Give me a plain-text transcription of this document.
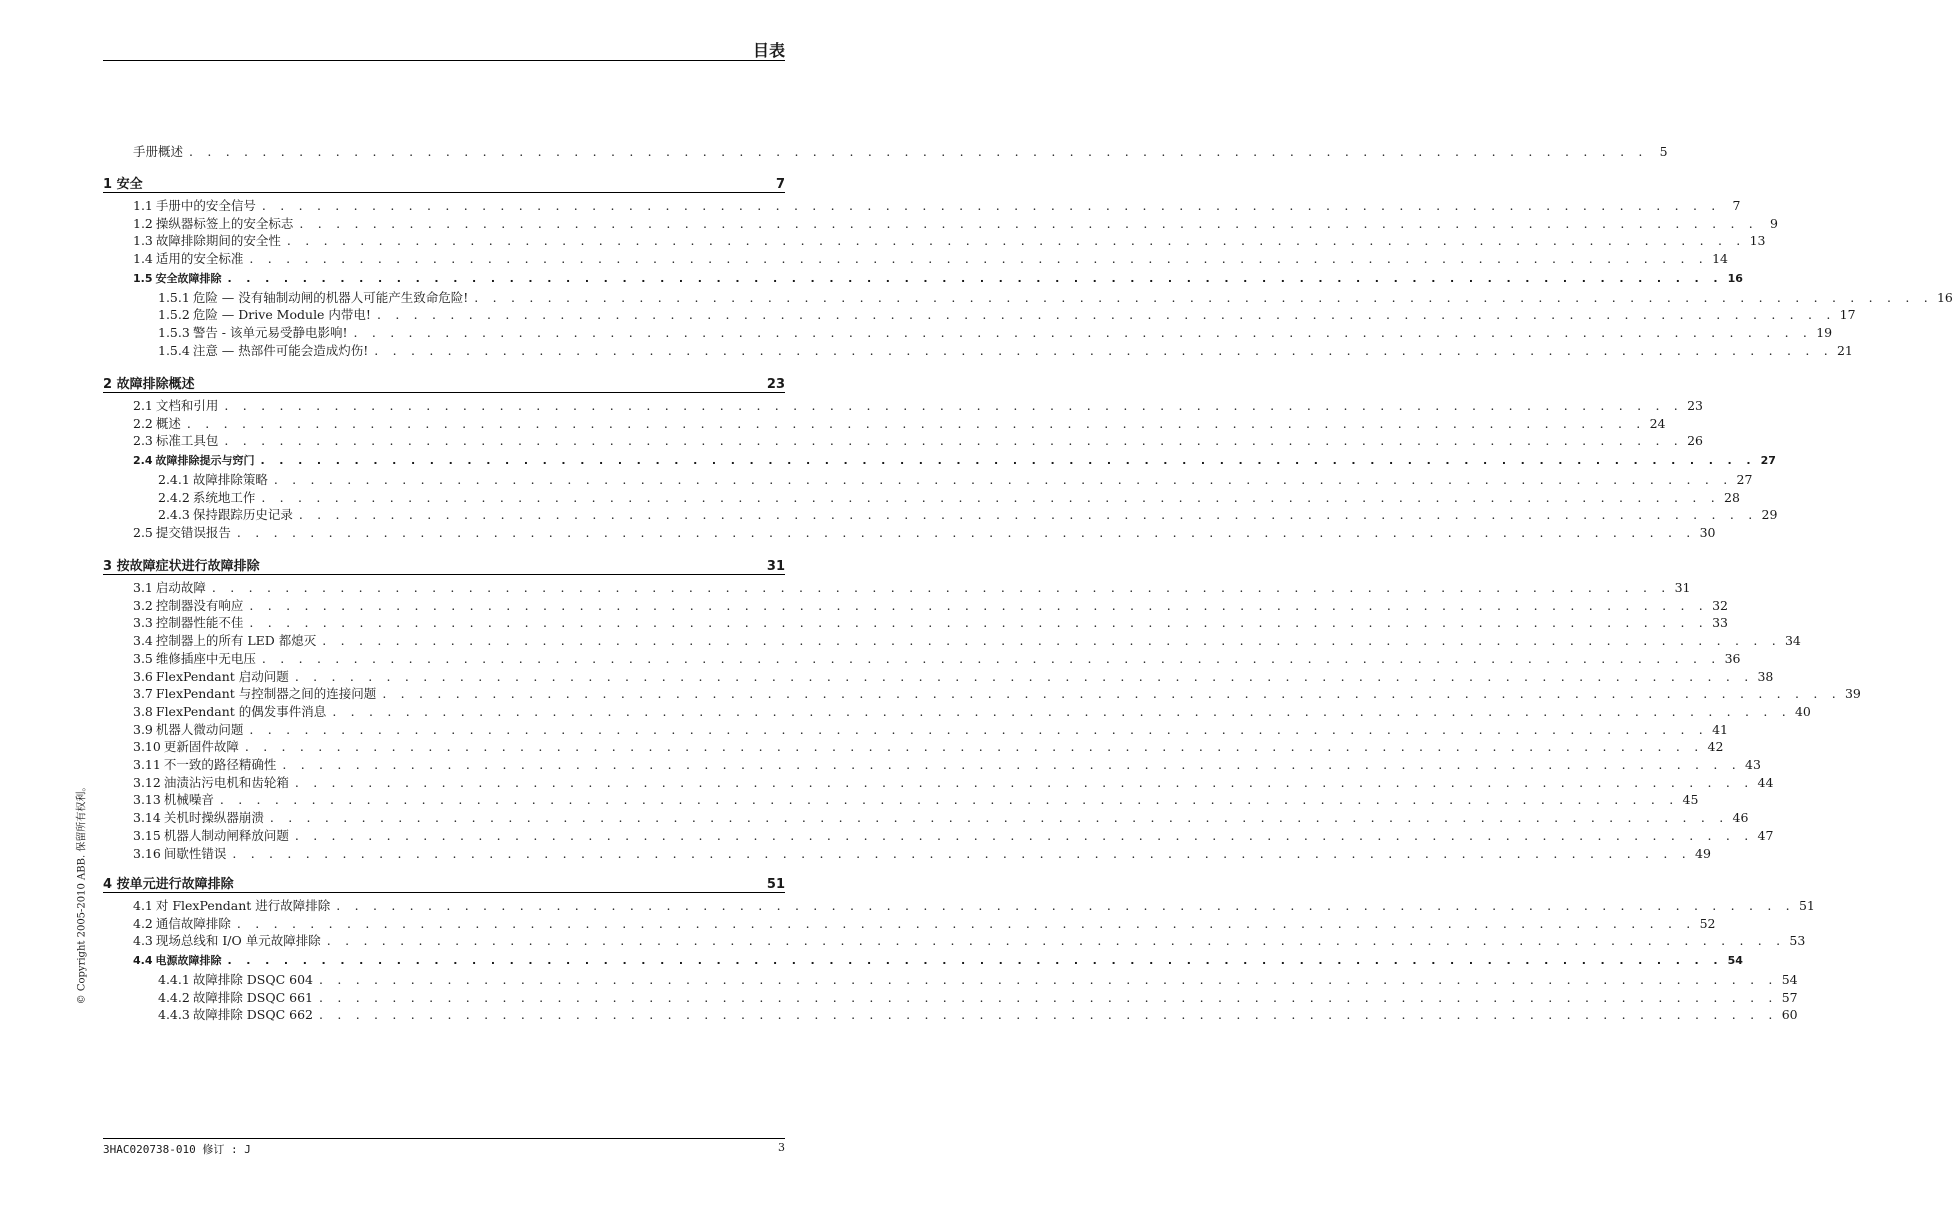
目表
手册概述 . . . . . . . . . . . . . . . . . . . . . . . . . . . . . . . . . . . . . . . . . . . . . . . . . . . . . . . . . . . . . . . . . . . . . . . . . . . . . . . . 5
1 安全	7
1.1 手册中的安全信号 . . . . . . . . . . . . . . . . . . . . . . . . . . . . . . . . . . . . . . . . . . . . . . . . . . . . . . . . . . . . . . . . . . . . . . . . . . . . . . . . 7
1.2 操纵器标签上的安全标志 . . . . . . . . . . . . . . . . . . . . . . . . . . . . . . . . . . . . . . . . . . . . . . . . . . . . . . . . . . . . . . . . . . . . . . . . . . . . . . . . 9
1.3 故障排除期间的安全性 . . . . . . . . . . . . . . . . . . . . . . . . . . . . . . . . . . . . . . . . . . . . . . . . . . . . . . . . . . . . . . . . . . . . . . . . . . . . . . . . 13
1.4 适用的安全标准 . . . . . . . . . . . . . . . . . . . . . . . . . . . . . . . . . . . . . . . . . . . . . . . . . . . . . . . . . . . . . . . . . . . . . . . . . . . . . . . . 14
1.5 安全故障排除 . . . . . . . . . . . . . . . . . . . . . . . . . . . . . . . . . . . . . . . . . . . . . . . . . . . . . . . . . . . . . . . . . . . . . . . . . . . . . . . . 16
1.5.1 危险 — 没有轴制动闸的机器人可能产生致命危险! . . . . . . . . . . . . . . . . . . . . . . . . . . . . . . . . . . . . . . . . . . . . . . . . . . . . . . . . . . . . . . . . . . . . . . . . . . . . . . . . 16
1.5.2 危险 — Drive Module 内带电! . . . . . . . . . . . . . . . . . . . . . . . . . . . . . . . . . . . . . . . . . . . . . . . . . . . . . . . . . . . . . . . . . . . . . . . . . . . . . . . . 17
1.5.3 警告 - 该单元易受静电影响! . . . . . . . . . . . . . . . . . . . . . . . . . . . . . . . . . . . . . . . . . . . . . . . . . . . . . . . . . . . . . . . . . . . . . . . . . . . . . . . . 19
1.5.4 注意 — 热部件可能会造成灼伤! . . . . . . . . . . . . . . . . . . . . . . . . . . . . . . . . . . . . . . . . . . . . . . . . . . . . . . . . . . . . . . . . . . . . . . . . . . . . . . . . 21
2 故障排除概述	23
2.1 文档和引用 . . . . . . . . . . . . . . . . . . . . . . . . . . . . . . . . . . . . . . . . . . . . . . . . . . . . . . . . . . . . . . . . . . . . . . . . . . . . . . . . 23
2.2 概述 . . . . . . . . . . . . . . . . . . . . . . . . . . . . . . . . . . . . . . . . . . . . . . . . . . . . . . . . . . . . . . . . . . . . . . . . . . . . . . . . 24
2.3 标准工具包 . . . . . . . . . . . . . . . . . . . . . . . . . . . . . . . . . . . . . . . . . . . . . . . . . . . . . . . . . . . . . . . . . . . . . . . . . . . . . . . . 26
2.4 故障排除提示与窍门 . . . . . . . . . . . . . . . . . . . . . . . . . . . . . . . . . . . . . . . . . . . . . . . . . . . . . . . . . . . . . . . . . . . . . . . . . . . . . . . . 27
2.4.1 故障排除策略 . . . . . . . . . . . . . . . . . . . . . . . . . . . . . . . . . . . . . . . . . . . . . . . . . . . . . . . . . . . . . . . . . . . . . . . . . . . . . . . . 27
2.4.2 系统地工作 . . . . . . . . . . . . . . . . . . . . . . . . . . . . . . . . . . . . . . . . . . . . . . . . . . . . . . . . . . . . . . . . . . . . . . . . . . . . . . . . 28
2.4.3 保持跟踪历史记录 . . . . . . . . . . . . . . . . . . . . . . . . . . . . . . . . . . . . . . . . . . . . . . . . . . . . . . . . . . . . . . . . . . . . . . . . . . . . . . . . 29
2.5 提交错误报告 . . . . . . . . . . . . . . . . . . . . . . . . . . . . . . . . . . . . . . . . . . . . . . . . . . . . . . . . . . . . . . . . . . . . . . . . . . . . . . . . 30
3 按故障症状进行故障排除	31
3.1 启动故障 . . . . . . . . . . . . . . . . . . . . . . . . . . . . . . . . . . . . . . . . . . . . . . . . . . . . . . . . . . . . . . . . . . . . . . . . . . . . . . . . 31
3.2 控制器没有响应 . . . . . . . . . . . . . . . . . . . . . . . . . . . . . . . . . . . . . . . . . . . . . . . . . . . . . . . . . . . . . . . . . . . . . . . . . . . . . . . . 32
3.3 控制器性能不佳 . . . . . . . . . . . . . . . . . . . . . . . . . . . . . . . . . . . . . . . . . . . . . . . . . . . . . . . . . . . . . . . . . . . . . . . . . . . . . . . . 33
3.4 控制器上的所有 LED 都熄灭 . . . . . . . . . . . . . . . . . . . . . . . . . . . . . . . . . . . . . . . . . . . . . . . . . . . . . . . . . . . . . . . . . . . . . . . . . . . . . . . . 34
3.5 维修插座中无电压 . . . . . . . . . . . . . . . . . . . . . . . . . . . . . . . . . . . . . . . . . . . . . . . . . . . . . . . . . . . . . . . . . . . . . . . . . . . . . . . . 36
3.6 FlexPendant 启动问题 . . . . . . . . . . . . . . . . . . . . . . . . . . . . . . . . . . . . . . . . . . . . . . . . . . . . . . . . . . . . . . . . . . . . . . . . . . . . . . . . 38
3.7 FlexPendant 与控制器之间的连接问题 . . . . . . . . . . . . . . . . . . . . . . . . . . . . . . . . . . . . . . . . . . . . . . . . . . . . . . . . . . . . . . . . . . . . . . . . . . . . . . . . 39
3.8 FlexPendant 的偶发事件消息 . . . . . . . . . . . . . . . . . . . . . . . . . . . . . . . . . . . . . . . . . . . . . . . . . . . . . . . . . . . . . . . . . . . . . . . . . . . . . . . . 40
3.9 机器人微动问题 . . . . . . . . . . . . . . . . . . . . . . . . . . . . . . . . . . . . . . . . . . . . . . . . . . . . . . . . . . . . . . . . . . . . . . . . . . . . . . . . 41
3.10 更新固件故障 . . . . . . . . . . . . . . . . . . . . . . . . . . . . . . . . . . . . . . . . . . . . . . . . . . . . . . . . . . . . . . . . . . . . . . . . . . . . . . . . 42
3.11 不一致的路径精确性 . . . . . . . . . . . . . . . . . . . . . . . . . . . . . . . . . . . . . . . . . . . . . . . . . . . . . . . . . . . . . . . . . . . . . . . . . . . . . . . . 43
3.12 油渍沾污电机和齿轮箱 . . . . . . . . . . . . . . . . . . . . . . . . . . . . . . . . . . . . . . . . . . . . . . . . . . . . . . . . . . . . . . . . . . . . . . . . . . . . . . . . 44
3.13 机械噪音 . . . . . . . . . . . . . . . . . . . . . . . . . . . . . . . . . . . . . . . . . . . . . . . . . . . . . . . . . . . . . . . . . . . . . . . . . . . . . . . . 45
3.14 关机时操纵器崩溃 . . . . . . . . . . . . . . . . . . . . . . . . . . . . . . . . . . . . . . . . . . . . . . . . . . . . . . . . . . . . . . . . . . . . . . . . . . . . . . . . 46
3.15 机器人制动闸释放问题 . . . . . . . . . . . . . . . . . . . . . . . . . . . . . . . . . . . . . . . . . . . . . . . . . . . . . . . . . . . . . . . . . . . . . . . . . . . . . . . . 47
3.16 间歇性错误 . . . . . . . . . . . . . . . . . . . . . . . . . . . . . . . . . . . . . . . . . . . . . . . . . . . . . . . . . . . . . . . . . . . . . . . . . . . . . . . . 49
4 按单元进行故障排除	51
4.1 对 FlexPendant 进行故障排除 . . . . . . . . . . . . . . . . . . . . . . . . . . . . . . . . . . . . . . . . . . . . . . . . . . . . . . . . . . . . . . . . . . . . . . . . . . . . . . . . 51
4.2 通信故障排除 . . . . . . . . . . . . . . . . . . . . . . . . . . . . . . . . . . . . . . . . . . . . . . . . . . . . . . . . . . . . . . . . . . . . . . . . . . . . . . . . 52
4.3 现场总线和 I/O 单元故障排除 . . . . . . . . . . . . . . . . . . . . . . . . . . . . . . . . . . . . . . . . . . . . . . . . . . . . . . . . . . . . . . . . . . . . . . . . . . . . . . . . 53
4.4 电源故障排除 . . . . . . . . . . . . . . . . . . . . . . . . . . . . . . . . . . . . . . . . . . . . . . . . . . . . . . . . . . . . . . . . . . . . . . . . . . . . . . . . 54
4.4.1 故障排除 DSQC 604 . . . . . . . . . . . . . . . . . . . . . . . . . . . . . . . . . . . . . . . . . . . . . . . . . . . . . . . . . . . . . . . . . . . . . . . . . . . . . . . . 54
4.4.2 故障排除 DSQC 661 . . . . . . . . . . . . . . . . . . . . . . . . . . . . . . . . . . . . . . . . . . . . . . . . . . . . . . . . . . . . . . . . . . . . . . . . . . . . . . . . 57
4.4.3 故障排除 DSQC 662 . . . . . . . . . . . . . . . . . . . . . . . . . . . . . . . . . . . . . . . . . . . . . . . . . . . . . . . . . . . . . . . . . . . . . . . . . . . . . . . . 60
© Copyright 2005-2010 ABB. 保留所有权利。
3HAC020738-010 修订 : J	3
